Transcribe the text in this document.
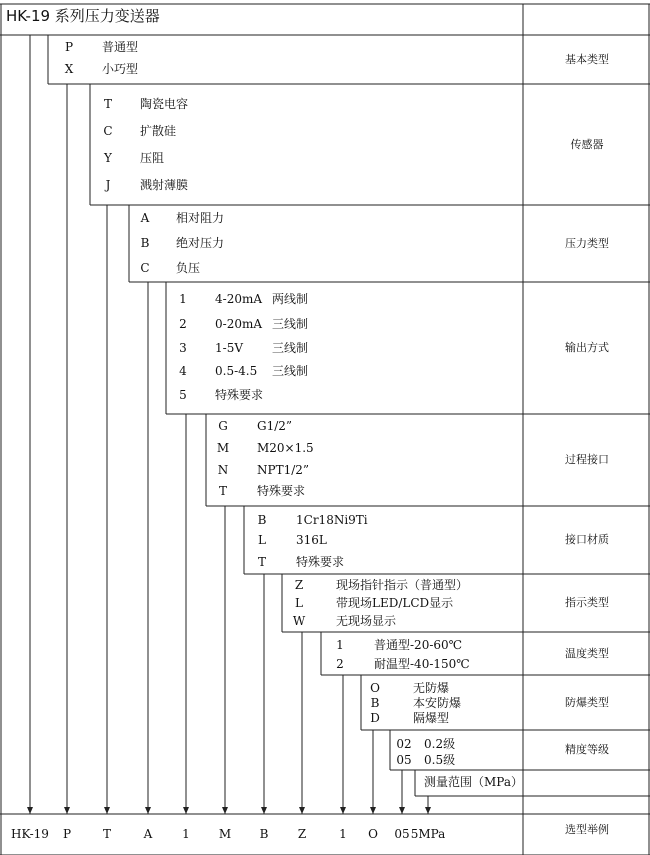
HK-19 系列压力变送器
选型举例
基本类型
P 普通型
X 小巧型
传感器
T 陶瓷电容
C 扩散硅
Y 压阻
J	溅射薄膜
压力类型
A 相对阻力
B 绝对压力
C 负压
输出方式
1 4-20mA 两线制
2 0-20mA 三线制
3 1-5V 三线制
4 0.5-4.5 三线制
5 特殊要求
过程接口
G G1/2”
M M20×1.5
N NPT1/2”
T	特殊要求
接口材质
B 1Cr18Ni9Ti
L	316L
T	特殊要求
指示类型
Z	现场指针指示（普通型）
L	带现场LED/LCD显示
W	无现场显示
温度类型
1	普通型-20-60℃
2	耐温型-40-150℃
防爆类型
O	无防爆
B	本安防爆
D	隔爆型
精度等级
02 0.2级
05 0.5级
测量范围（MPa）
HK-19	P	T	A	1	M	B	Z	1	O	05 5MPa
